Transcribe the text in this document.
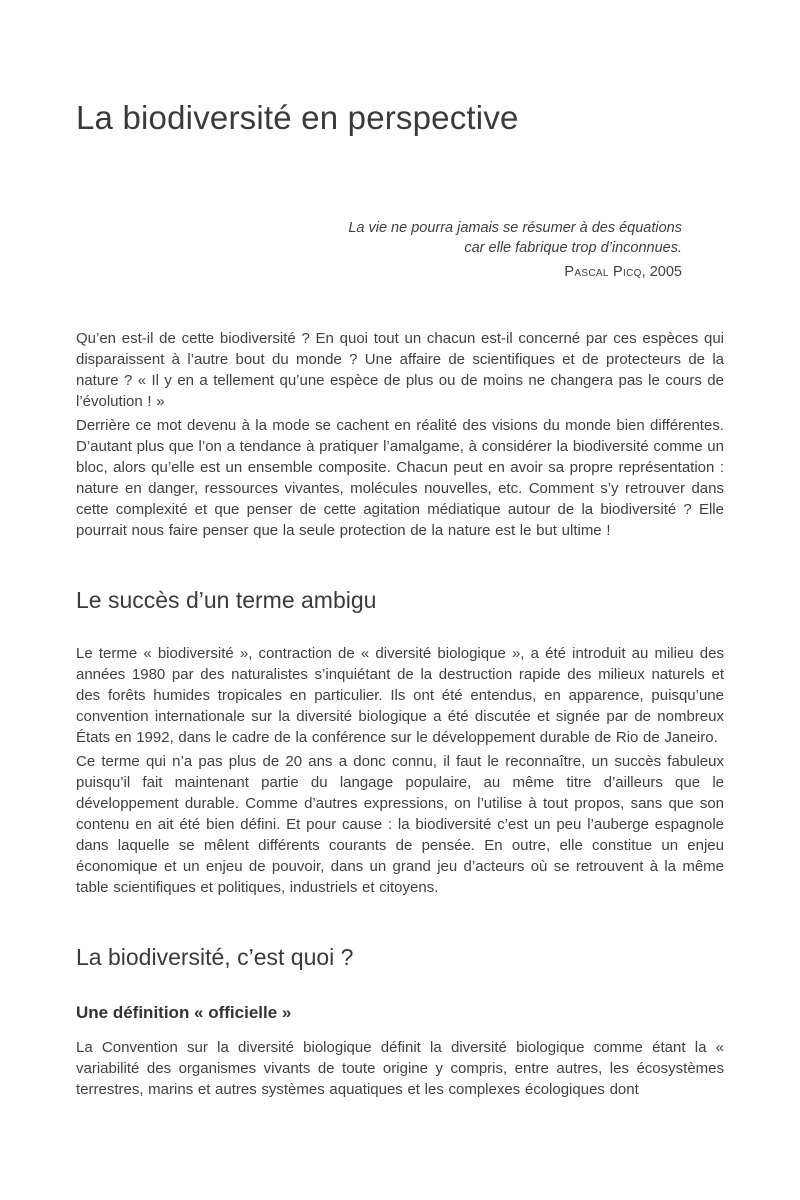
La biodiversité en perspective

La vie ne pourra jamais se résumer à des équations

car elle fabrique trop d’inconnues.

Pascal Picq, 2005

Qu’en est-il de cette biodiversité ? En quoi tout un chacun est-il concerné par ces espèces qui disparaissent à l’autre bout du monde ? Une affaire de scientifiques et de protecteurs de la nature ? « Il y en a tellement qu’une espèce de plus ou de moins ne changera pas le cours de l’évolution ! »

Derrière ce mot devenu à la mode se cachent en réalité des visions du monde bien différentes. D’autant plus que l’on a tendance à pratiquer l’amalgame, à considérer la biodiversité comme un bloc, alors qu’elle est un ensemble composite. Chacun peut en avoir sa propre représentation : nature en danger, ressources vivantes, molécules nouvelles, etc. Comment s’y retrouver dans cette complexité et que penser de cette agitation médiatique autour de la biodiversité ? Elle pourrait nous faire penser que la seule protection de la nature est le but ultime !

Le succès d’un terme ambigu

Le terme « biodiversité », contraction de « diversité biologique », a été introduit au milieu des années 1980 par des naturalistes s’inquiétant de la destruction rapide des milieux naturels et des forêts humides tropicales en particulier. Ils ont été entendus, en apparence, puisqu’une convention internationale sur la diversité biologique a été discutée et signée par de nombreux États en 1992, dans le cadre de la conférence sur le développement durable de Rio de Janeiro.

Ce terme qui n’a pas plus de 20 ans a donc connu, il faut le reconnaître, un succès fabuleux puisqu’il fait maintenant partie du langage populaire, au même titre d’ailleurs que le développement durable. Comme d’autres expressions, on l’utilise à tout propos, sans que son contenu en ait été bien défini. Et pour cause : la biodiversité c’est un peu l’auberge espagnole dans laquelle se mêlent différents courants de pensée. En outre, elle constitue un enjeu économique et un enjeu de pouvoir, dans un grand jeu d’acteurs où se retrouvent à la même table scientifiques et politiques, industriels et citoyens.

La biodiversité, c’est quoi ?
Une définition « officielle »

La Convention sur la diversité biologique définit la diversité biologique comme étant la « variabilité des organismes vivants de toute origine y compris, entre autres, les écosystèmes terrestres, marins et autres systèmes aquatiques et les complexes écologiques dont
